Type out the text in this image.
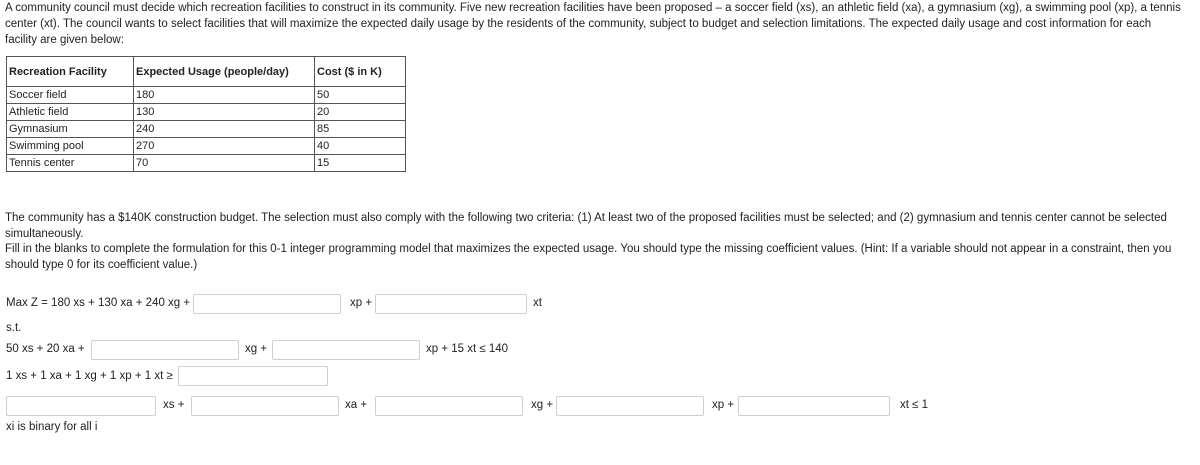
A community council must decide which recreation facilities to construct in its community. Five new recreation facilities have been proposed – a soccer field (xs), an athletic field (xa), a gymnasium (xg), a swimming pool (xp), a tennis center (xt). The council wants to select facilities that will maximize the expected daily usage by the residents of the community, subject to budget and selection limitations. The expected daily usage and cost information for each facility are given below:
Recreation Facility	Expected Usage (people/day)	Cost ($ in K)
Soccer field	180	50
Athletic field	130	20
Gymnasium	240	85
Swimming pool	270	40
Tennis center	70	15
The community has a $140K construction budget. The selection must also comply with the following two criteria: (1) At least two of the proposed facilities must be selected; and (2) gymnasium and tennis center cannot be selected simultaneously.
Fill in the blanks to complete the formulation for this 0-1 integer programming model that maximizes the expected usage. You should type the missing coefficient values. (Hint: If a variable should not appear in a constraint, then you should type 0 for its coefficient value.)
Max Z = 180 xs + 130 xa + 240 xg +	xp +	xt
s.t.
50 xs + 20 xa +	xg +	xp + 15 xt ≤ 140
1 xs + 1 xa + 1 xg + 1 xp + 1 xt ≥
xs +	xa +	xg +	xp +	xt ≤ 1
xi is binary for all i
